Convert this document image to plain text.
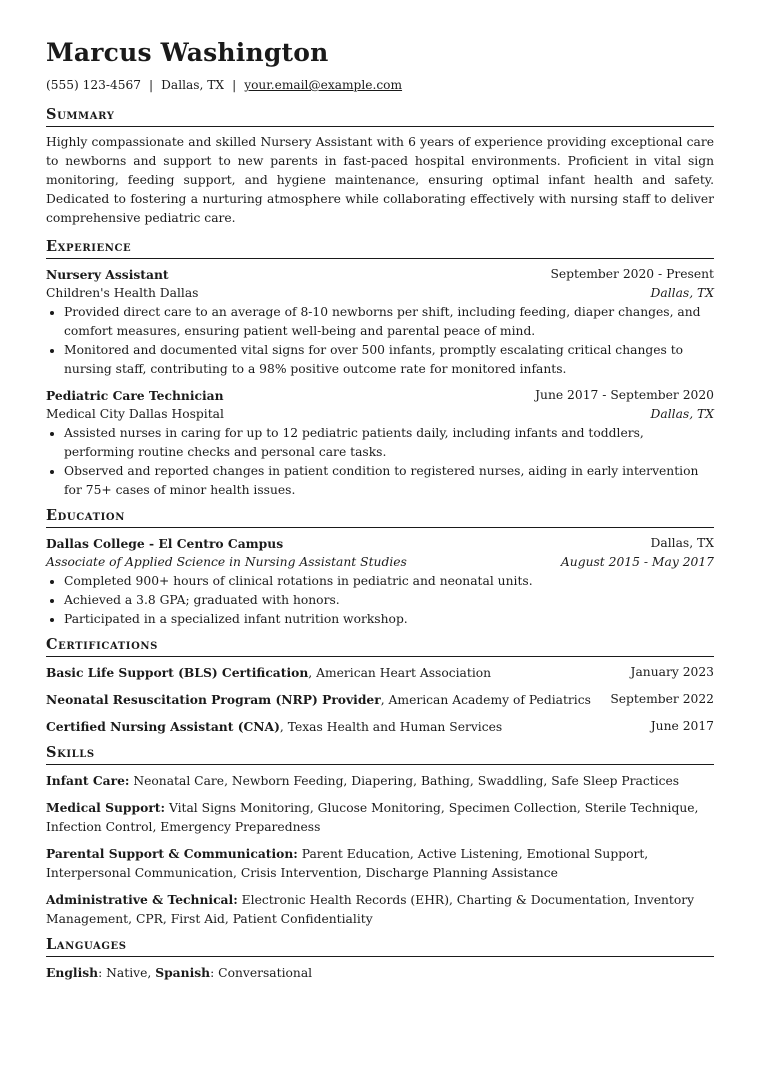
Marcus Washington
(555) 123-4567 | Dallas, TX | your.email@example.com
Summary

Highly compassionate and skilled Nursery Assistant with 6 years of experience providing exceptional care to newborns and support to new parents in fast-paced hospital environments. Proficient in vital sign monitoring, feeding support, and hygiene maintenance, ensuring optimal infant health and safety. Dedicated to fostering a nurturing atmosphere while collaborating effectively with nursing staff to deliver comprehensive pediatric care.

Experience
Nursery Assistant	September 2020 - Present
Children's Health Dallas	Dallas, TX
• Provided direct care to an average of 8-10 newborns per shift, including feeding, diaper changes, and comfort measures, ensuring patient well-being and parental peace of mind.
• Monitored and documented vital signs for over 500 infants, promptly escalating critical changes to nursing staff, contributing to a 98% positive outcome rate for monitored infants.
Pediatric Care Technician	June 2017 - September 2020
Medical City Dallas Hospital	Dallas, TX
• Assisted nurses in caring for up to 12 pediatric patients daily, including infants and toddlers, performing routine checks and personal care tasks.
• Observed and reported changes in patient condition to registered nurses, aiding in early intervention for 75+ cases of minor health issues.
Education
Dallas College - El Centro Campus	Dallas, TX
Associate of Applied Science in Nursing Assistant Studies	August 2015 - May 2017
• Completed 900+ hours of clinical rotations in pediatric and neonatal units.
• Achieved a 3.8 GPA; graduated with honors.
• Participated in a specialized infant nutrition workshop.
Certifications
Basic Life Support (BLS) Certification, American Heart Association	January 2023
Neonatal Resuscitation Program (NRP) Provider, American Academy of Pediatrics September 2022
Certified Nursing Assistant (CNA), Texas Health and Human Services	June 2017
Skills

Infant Care: Neonatal Care, Newborn Feeding, Diapering, Bathing, Swaddling, Safe Sleep Practices

Medical Support: Vital Signs Monitoring, Glucose Monitoring, Specimen Collection, Sterile Technique, Infection Control, Emergency Preparedness

Parental Support & Communication: Parent Education, Active Listening, Emotional Support, Interpersonal Communication, Crisis Intervention, Discharge Planning Assistance

Administrative & Technical: Electronic Health Records (EHR), Charting & Documentation, Inventory Management, CPR, First Aid, Patient Confidentiality

Languages

English: Native, Spanish: Conversational
